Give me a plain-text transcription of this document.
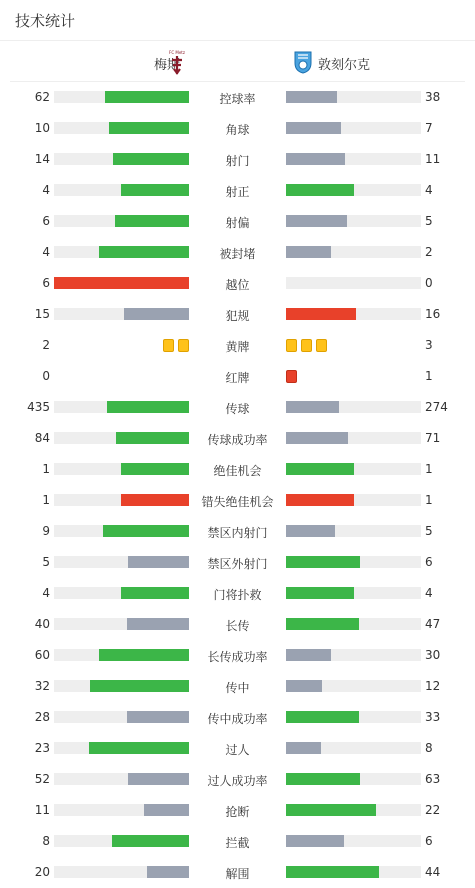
技术统计
梅斯
FC Metz
敦刻尔克
62	控球率	38
10	角球	7
14	射门	11
4	射正	4
6	射偏	5
4	被封堵	2
6	越位	0
15	犯规	16
2	黄牌	3
0	红牌	1
435	传球	274
84	传球成功率	71
1	绝佳机会	1
1	错失绝佳机会	1
9	禁区内射门	5
5	禁区外射门	6
4	门将扑救	4
40	长传	47
60	长传成功率	30
32	传中	12
28	传中成功率	33
23	过人	8
52	过人成功率	63
11	抢断	22
8	拦截	6
20	解围	44
